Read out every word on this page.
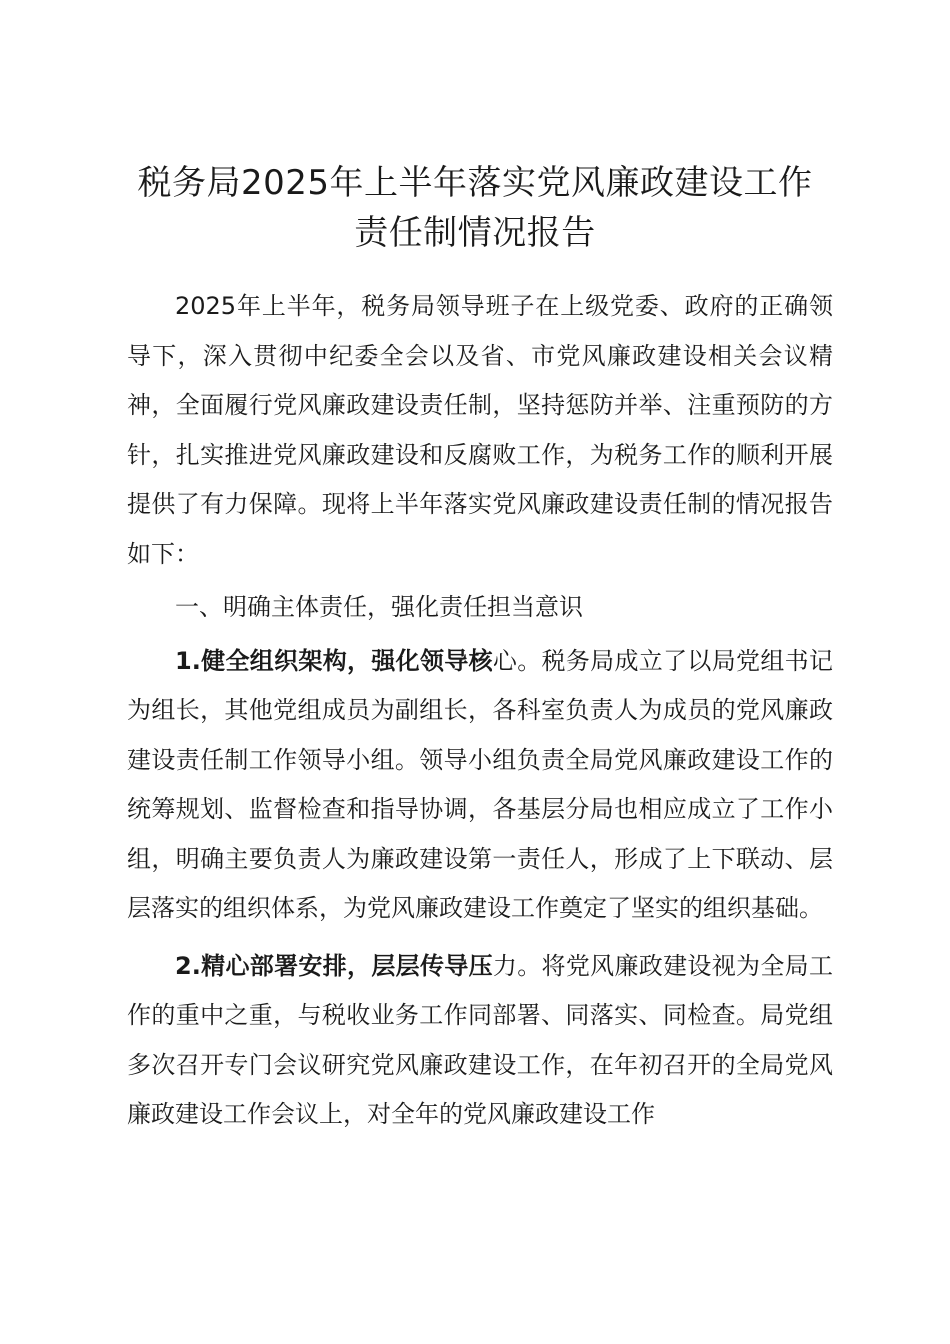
税务局2025年上半年落实党风廉政建设工作
责任制情况报告

2025年上半年，税务局领导班子在上级党委、政府的正确领导下，深入贯彻中纪委全会以及省、市党风廉政建设相关会议精神，全面履行党风廉政建设责任制，坚持惩防并举、注重预防的方针，扎实推进党风廉政建设和反腐败工作，为税务工作的顺利开展提供了有力保障。现将上半年落实党风廉政建设责任制的情况报告如下：

一、明确主体责任，强化责任担当意识

1.健全组织架构，强化领导核心。税务局成立了以局党组书记为组长，其他党组成员为副组长，各科室负责人为成员的党风廉政建设责任制工作领导小组。领导小组负责全局党风廉政建设工作的统筹规划、监督检查和指导协调，各基层分局也相应成立了工作小组，明确主要负责人为廉政建设第一责任人，形成了上下联动、层层落实的组织体系，为党风廉政建设工作奠定了坚实的组织基础。

2.精心部署安排，层层传导压力。将党风廉政建设视为全局工作的重中之重，与税收业务工作同部署、同落实、同检查。局党组多次召开专门会议研究党风廉政建设工作，在年初召开的全局党风廉政建设工作会议上，对全年的党风廉政建设工作
